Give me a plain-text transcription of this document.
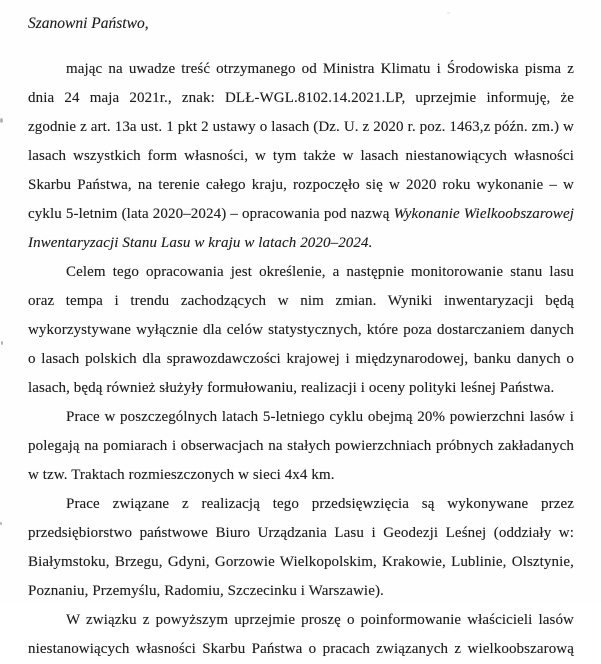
Szanowni Państwo,

mając na uwadze treść otrzymanego od Ministra Klimatu i Środowiska pisma z dnia 24 maja 2021r., znak: DLŁ-WGL.8102.14.2021.LP, uprzejmie informuję, że zgodnie z art. 13a ust. 1 pkt 2 ustawy o lasach (Dz. U. z 2020 r. poz. 1463,z późn. zm.) w lasach wszystkich form własności, w tym także w lasach niestanowiących własności Skarbu Państwa, na terenie całego kraju, rozpoczęło się w 2020 roku wykonanie – w cyklu 5-letnim (lata 2020–2024) – opracowania pod nazwą Wykonanie Wielkoobszarowej Inwentaryzacji Stanu Lasu w kraju w latach 2020–2024.

Celem tego opracowania jest określenie, a następnie monitorowanie stanu lasu oraz tempa i trendu zachodzących w nim zmian. Wyniki inwentaryzacji będą wykorzystywane wyłącznie dla celów statystycznych, które poza dostarczaniem danych o lasach polskich dla sprawozdawczości krajowej i międzynarodowej, banku danych o lasach, będą również służyły formułowaniu, realizacji i oceny polityki leśnej Państwa.

Prace w poszczególnych latach 5-letniego cyklu obejmą 20% powierzchni lasów i polegają na pomiarach i obserwacjach na stałych powierzchniach próbnych zakładanych w tzw. Traktach rozmieszczonych w sieci 4x4 km.

Prace związane z realizacją tego przedsięwzięcia są wykonywane przez przedsiębiorstwo państwowe Biuro Urządzania Lasu i Geodezji Leśnej (oddziały w: Białymstoku, Brzegu, Gdyni, Gorzowie Wielkopolskim, Krakowie, Lublinie, Olsztynie, Poznaniu, Przemyślu, Radomiu, Szczecinku i Warszawie).

W związku z powyższym uprzejmie proszę o poinformowanie właścicieli lasów niestanowiących własności Skarbu Państwa o pracach związanych z wielkoobszarową
